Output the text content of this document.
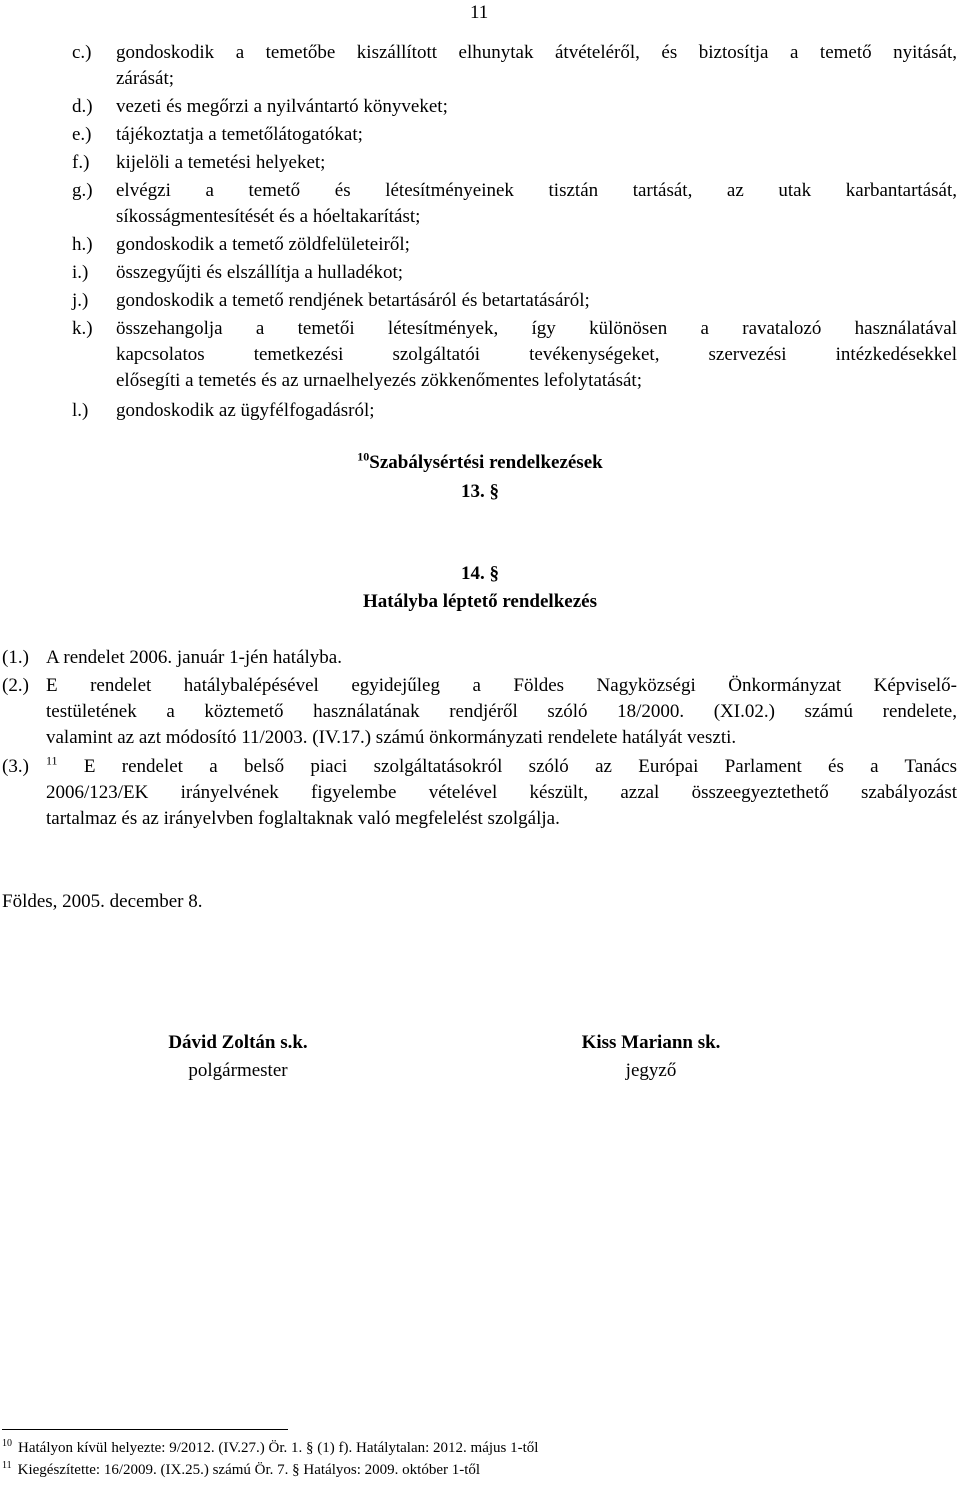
11
c.)	gondoskodik a temetőbe kiszállított elhunytak átvételéről, és biztosítja a temető nyitását,
zárását;
d.)	vezeti és megőrzi a nyilvántartó könyveket;
e.)	tájékoztatja a temetőlátogatókat;
f.)	kijelöli a temetési helyeket;
g.)	elvégzi a temető és létesítményeinek tisztán tartását, az utak karbantartását,
síkosságmentesítését és a hóeltakarítást;
h.)	gondoskodik a temető zöldfelületeiről;
i.)	összegyűjti és elszállítja a hulladékot;
j.)	gondoskodik a temető rendjének betartásáról és betartatásáról;
k.)	összehangolja a temetői létesítmények, így különösen a ravatalozó használatával
kapcsolatos temetkezési szolgáltatói tevékenységeket, szervezési intézkedésekkel
elősegíti a temetés és az urnaelhelyezés zökkenőmentes lefolytatását;
l.)	gondoskodik az ügyfélfogadásról;
$^{10}$Szabálysértési rendelkezések
13. §
14. §
Hatályba léptető rendelkezés
(1.) A rendelet 2006. január 1-jén hatályba.
(2.) E rendelet hatálybalépésével egyidejűleg a Földes Nagyközségi Önkormányzat Képviselő-
testületének a köztemető használatának rendjéről szóló 18/2000. (XI.02.) számú rendelete,
valamint az azt módosító 11/2003. (IV.17.) számú önkormányzati rendelete hatályát veszti.
(3.)	$^{11}$ E rendelet a belső piaci szolgáltatásokról szóló az Európai Parlament és a Tanács
2006/123/EK irányelvének figyelembe vételével készült, azzal összeegyeztethető szabályozást
tartalmaz és az irányelvben foglaltaknak való megfelelést szolgálja.
Földes, 2005. december 8.
Dávid Zoltán s.k.
polgármester
Kiss Mariann sk.
jegyző
$^{10}$ Hatályon kívül helyezte: 9/2012. (IV.27.) Ör. 1. § (1) f). Hatálytalan: 2012. május 1-től
$^{11}$ Kiegészítette: 16/2009. (IX.25.) számú Ör. 7. § Hatályos: 2009. október 1-től
